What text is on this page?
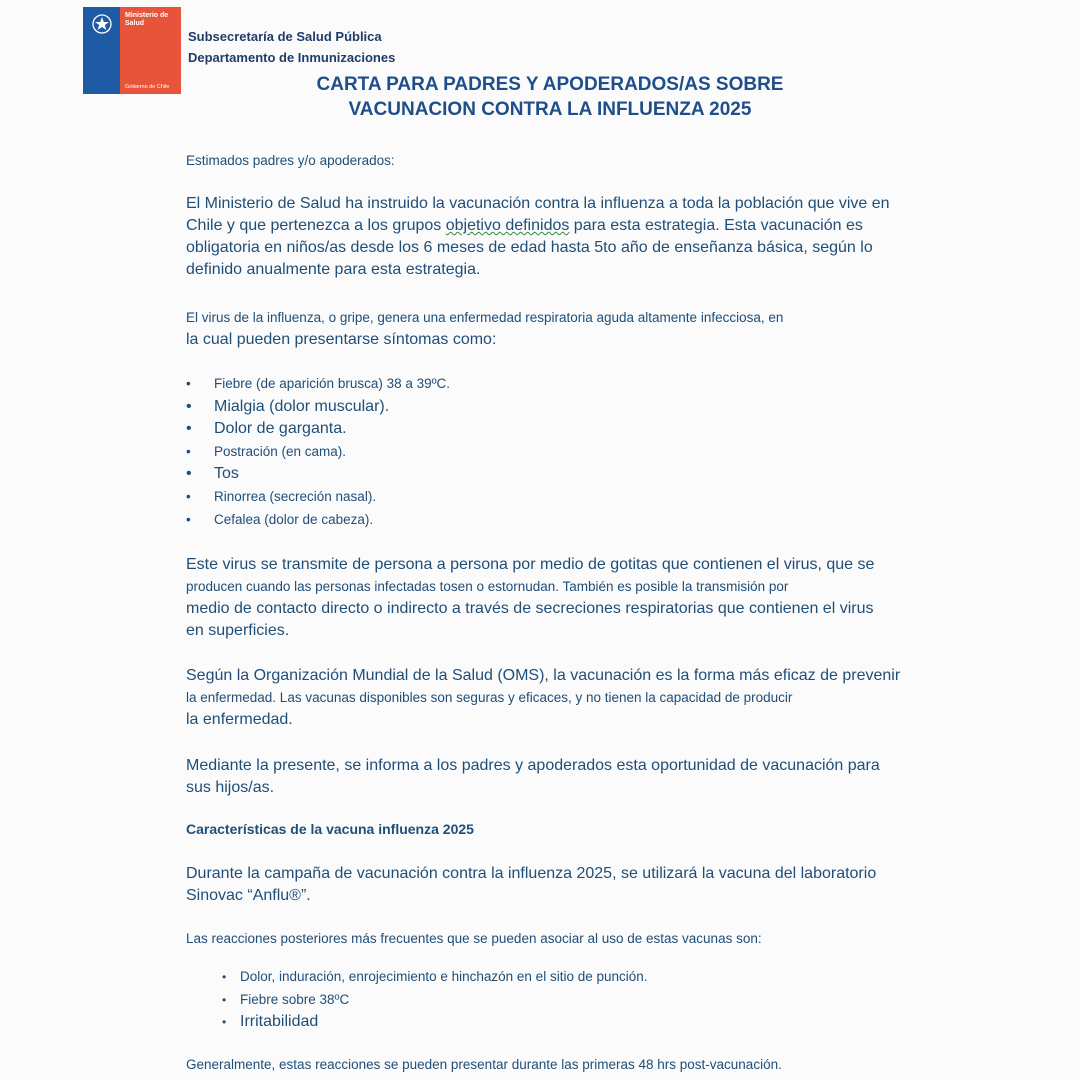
Ministerio de Salud
Gobierno de Chile
Subsecretaría de Salud Pública
Departamento de Inmunizaciones
CARTA PARA PADRES Y APODERADOS/AS SOBRE
VACUNACION CONTRA LA INFLUENZA 2025
Estimados padres y/o apoderados:
El Ministerio de Salud ha instruido la vacunación contra la influenza a toda la población que vive en Chile y que pertenezca a los grupos objetivo definidos para esta estrategia. Esta vacunación es obligatoria en niños/as desde los 6 meses de edad hasta 5to año de enseñanza básica, según lo definido anualmente para esta estrategia.
El virus de la influenza, o gripe, genera una enfermedad respiratoria aguda altamente infecciosa, en
la cual pueden presentarse síntomas como:
• Fiebre (de aparición brusca) 38 a 39ºC.
• Mialgia (dolor muscular).
• Dolor de garganta.
• Postración (en cama).
• Tos
• Rinorrea (secreción nasal).
• Cefalea (dolor de cabeza).
Este virus se transmite de persona a persona por medio de gotitas que contienen el virus, que se
producen cuando las personas infectadas tosen o estornudan. También es posible la transmisión por
medio de contacto directo o indirecto a través de secreciones respiratorias que contienen el virus
en superficies.
Según la Organización Mundial de la Salud (OMS), la vacunación es la forma más eficaz de prevenir
la enfermedad. Las vacunas disponibles son seguras y eficaces, y no tienen la capacidad de producir
la enfermedad.
Mediante la presente, se informa a los padres y apoderados esta oportunidad de vacunación para sus hijos/as.
Características de la vacuna influenza 2025
Durante la campaña de vacunación contra la influenza 2025, se utilizará la vacuna del laboratorio Sinovac “Anflu®”.
Las reacciones posteriores más frecuentes que se pueden asociar al uso de estas vacunas son:
• Dolor, induración, enrojecimiento e hinchazón en el sitio de punción.
• Fiebre sobre 38ºC
• Irritabilidad
Generalmente, estas reacciones se pueden presentar durante las primeras 48 hrs post-vacunación.
